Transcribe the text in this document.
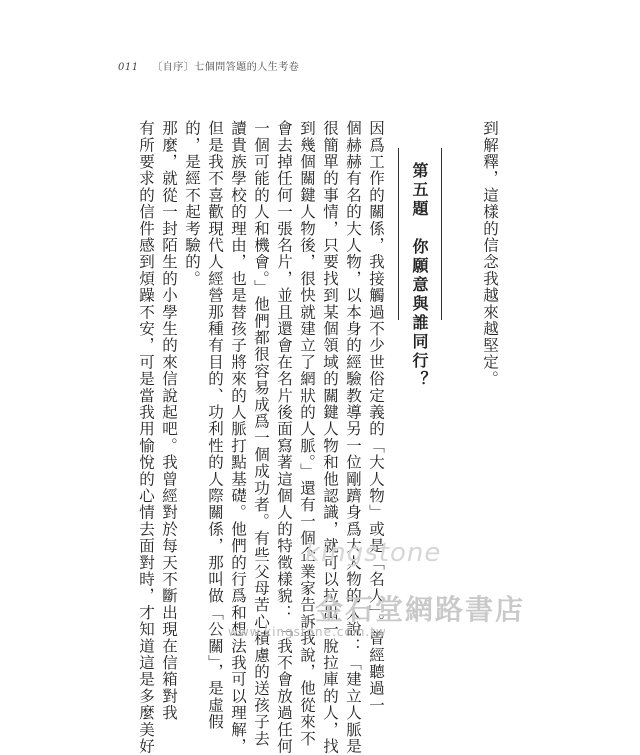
011 〔自序〕七個問答題的人生考卷
到解釋，這樣的信念我越來越堅定。
第五題　你願意與誰同行？
因爲工作的關係，我接觸過不少世俗定義的「大人物」或是「名人」。曾經聽過一
個赫赫有名的大人物，以本身的經驗教導另一位剛躋身爲大人物的人說：「建立人脈是
很簡單的事情，只要找到某個領域的關鍵人物和他認識，就可以拉出一脫拉庫的人，找
到幾個關鍵人物後，很快就建立了網狀的人脈。」還有一個企業家告訴我說，他從來不
會去掉任何一張名片，並且還會在名片後面寫著這個人的特徵樣貌：「我不會放過任何
一個可能的人和機會。」他們都很容易成爲一個成功者。有些父母苦心積慮的送孩子去
讀貴族學校的理由，也是替孩子將來的人脈打點基礎。他們的行爲和想法我可以理解，
但是我不喜歡現代人經營那種有目的、功利性的人際關係，那叫做「公關」，是虛假
的，是經不起考驗的。
那麼，就從一封陌生的小學生的來信說起吧。我曾經對於每天不斷出現在信箱對我
有所要求的信件感到煩躁不安，可是當我用愉悅的心情去面對時，才知道這是多麼美好	kingstone
金石堂網路書店
www.kingstone.com.tw
